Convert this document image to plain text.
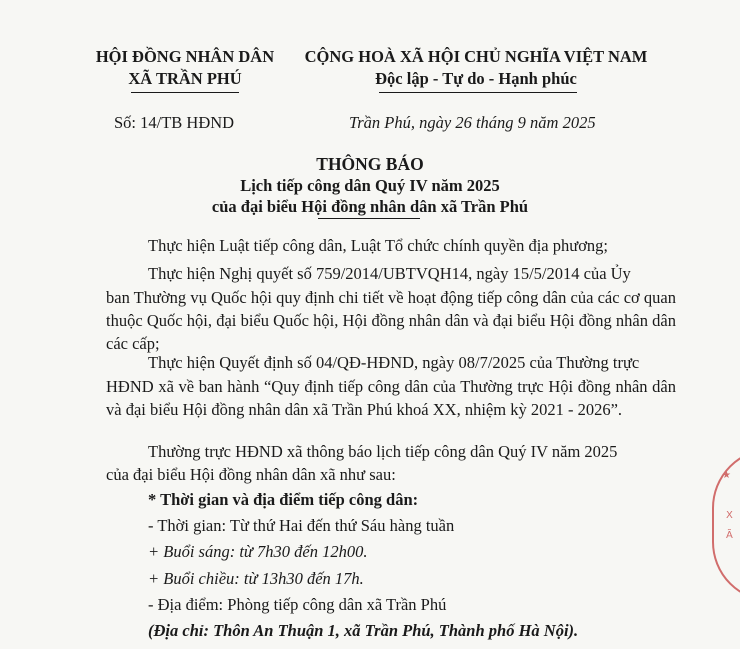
HỘI ĐỒNG NHÂN DÂN
XÃ TRẦN PHÚ
Số: 14/TB HĐND
CỘNG HOÀ XÃ HỘI CHỦ NGHĨA VIỆT NAM
Độc lập - Tự do - Hạnh phúc
Trần Phú, ngày 26 tháng 9 năm 2025
THÔNG BÁO
Lịch tiếp công dân Quý IV năm 2025
của đại biểu Hội đồng nhân dân xã Trần Phú
Thực hiện Luật tiếp công dân, Luật Tổ chức chính quyền địa phương;
Thực hiện Nghị quyết số 759/2014/UBTVQH14, ngày 15/5/2014 của Ủy
ban Thường vụ Quốc hội quy định chi tiết về hoạt động tiếp công dân của các cơ quan thuộc Quốc hội, đại biểu Quốc hội, Hội đồng nhân dân và đại biểu Hội đồng nhân dân các cấp;
Thực hiện Quyết định số 04/QĐ-HĐND, ngày 08/7/2025 của Thường trực
HĐND xã về ban hành “Quy định tiếp công dân của Thường trực Hội đồng nhân dân và đại biểu Hội đồng nhân dân xã Trần Phú khoá XX, nhiệm kỳ 2021 - 2026”.
Thường trực HĐND xã thông báo lịch tiếp công dân Quý IV năm 2025
của đại biểu Hội đồng nhân dân xã như sau:
* Thời gian và địa điểm tiếp công dân:
- Thời gian: Từ thứ Hai đến thứ Sáu hàng tuần
+ Buổi sáng: từ 7h30 đến 12h00.
+ Buổi chiều: từ 13h30 đến 17h.
- Địa điểm: Phòng tiếp công dân xã Trần Phú
(Địa chỉ: Thôn An Thuận 1, xã Trần Phú, Thành phố Hà Nội).
★
X
Ã
